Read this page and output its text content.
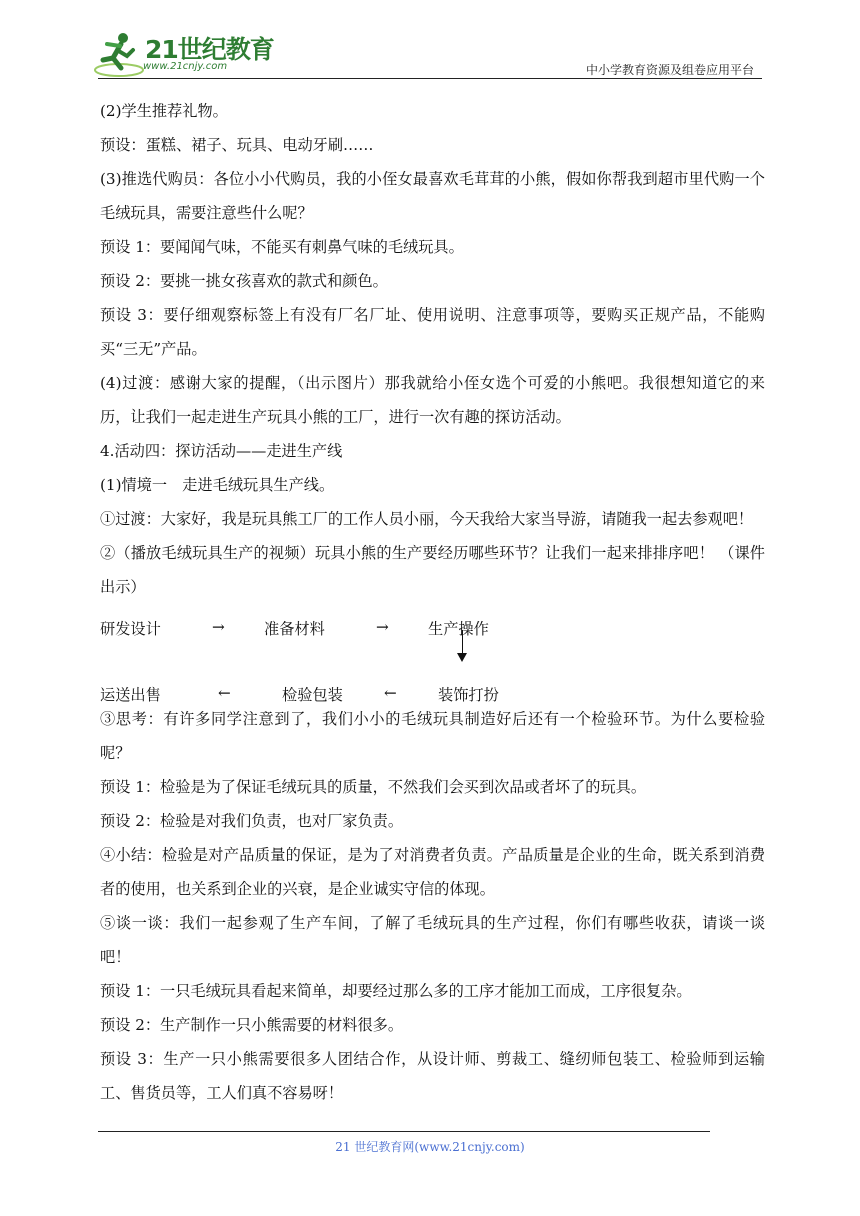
21世纪教育
www.21cnjy.com	中小学教育资源及组卷应用平台

(2)学生推荐礼物。

预设：蛋糕、裙子、玩具、电动牙刷……

(3)推选代购员：各位小小代购员，我的小侄女最喜欢毛茸茸的小熊，假如你帮我到超市里代购一个毛绒玩具，需要注意些什么呢？

预设 1：要闻闻气味，不能买有刺鼻气味的毛绒玩具。

预设 2：要挑一挑女孩喜欢的款式和颜色。

预设 3：要仔细观察标签上有没有厂名厂址、使用说明、注意事项等，要购买正规产品，不能购买“三无”产品。

(4)过渡：感谢大家的提醒，（出示图片）那我就给小侄女选个可爱的小熊吧。我很想知道它的来历，让我们一起走进生产玩具小熊的工厂，进行一次有趣的探访活动。

4.活动四：探访活动——走进生产线

(1)情境一　走进毛绒玩具生产线。

①过渡：大家好，我是玩具熊工厂的工作人员小丽，今天我给大家当导游，请随我一起去参观吧！

②（播放毛绒玩具生产的视频）玩具小熊的生产要经历哪些环节？让我们一起来排排序吧！ （课件出示）

研发设计	→	准备材料	→	生产操作
运送出售	←	检验包装	←	装饰打扮

③思考：有许多同学注意到了，我们小小的毛绒玩具制造好后还有一个检验环节。为什么要检验呢？

预设 1：检验是为了保证毛绒玩具的质量，不然我们会买到次品或者坏了的玩具。

预设 2：检验是对我们负责，也对厂家负责。

④小结：检验是对产品质量的保证，是为了对消费者负责。产品质量是企业的生命，既关系到消费者的使用，也关系到企业的兴衰，是企业诚实守信的体现。

⑤谈一谈：我们一起参观了生产车间，了解了毛绒玩具的生产过程，你们有哪些收获，请谈一谈吧！

预设 1：一只毛绒玩具看起来简单，却要经过那么多的工序才能加工而成，工序很复杂。

预设 2：生产制作一只小熊需要的材料很多。

预设 3：生产一只小熊需要很多人团结合作，从设计师、剪裁工、缝纫师包装工、检验师到运输工、售货员等，工人们真不容易呀！

21 世纪教育网(www.21cnjy.com)
